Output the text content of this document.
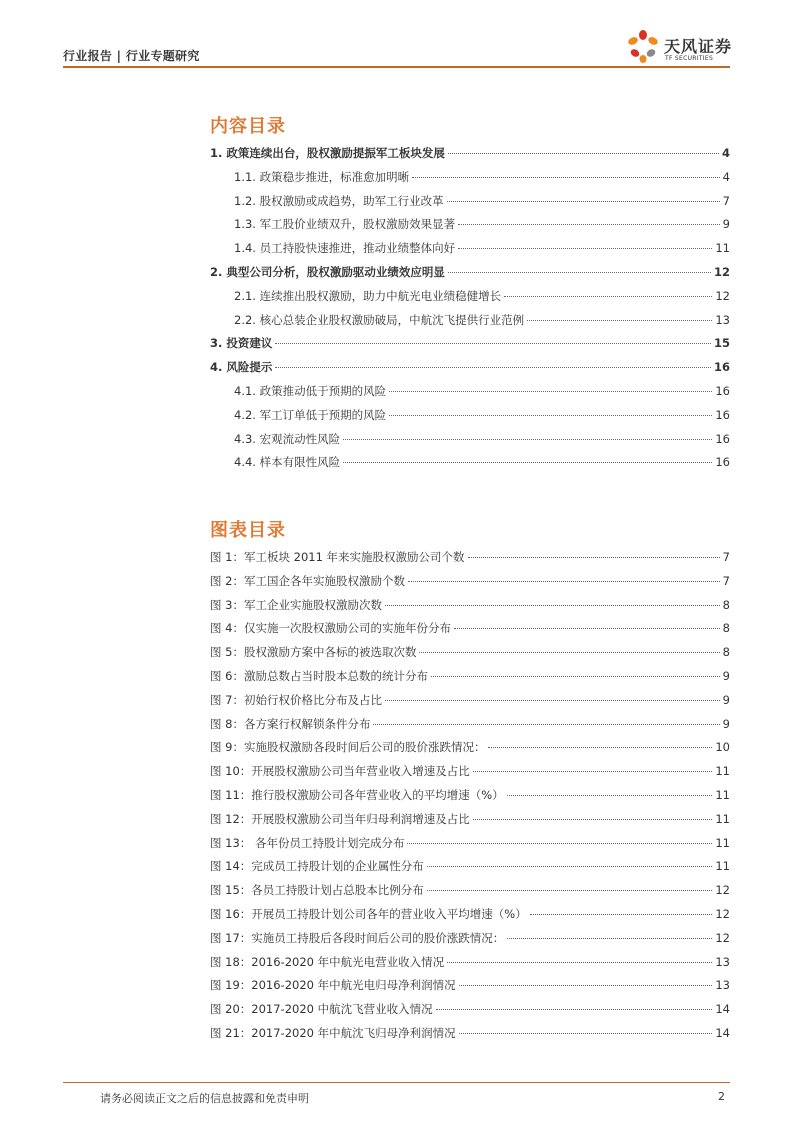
行业报告 | 行业专题研究	天风证券
TF SECURITIES
内容目录
1. 政策连续出台，股权激励提振军工板块发展	4
1.1. 政策稳步推进，标准愈加明晰	4
1.2. 股权激励或成趋势，助军工行业改革	7
1.3. 军工股价业绩双升，股权激励效果显著	9
1.4. 员工持股快速推进，推动业绩整体向好	11
2. 典型公司分析，股权激励驱动业绩效应明显	12
2.1. 连续推出股权激励，助力中航光电业绩稳健增长	12
2.2. 核心总装企业股权激励破局，中航沈飞提供行业范例	13
3. 投资建议	15
4. 风险提示	16
4.1. 政策推动低于预期的风险	16
4.2. 军工订单低于预期的风险	16
4.3. 宏观流动性风险	16
4.4. 样本有限性风险	16
图表目录
图 1：军工板块 2011 年来实施股权激励公司个数	7
图 2：军工国企各年实施股权激励个数	7
图 3：军工企业实施股权激励次数	8
图 4：仅实施一次股权激励公司的实施年份分布	8
图 5：股权激励方案中各标的被选取次数	8
图 6：激励总数占当时股本总数的统计分布	9
图 7：初始行权价格比分布及占比	9
图 8：各方案行权解锁条件分布	9
图 9：实施股权激励各段时间后公司的股价涨跌情况：	10
图 10：开展股权激励公司当年营业收入增速及占比	11
图 11：推行股权激励公司各年营业收入的平均增速（%）	11
图 12：开展股权激励公司当年归母利润增速及占比	11
图 13： 各年份员工持股计划完成分布	11
图 14：完成员工持股计划的企业属性分布	11
图 15：各员工持股计划占总股本比例分布	12
图 16：开展员工持股计划公司各年的营业收入平均增速（%）	12
图 17：实施员工持股后各段时间后公司的股价涨跌情况：	12
图 18：2016-2020 年中航光电营业收入情况	13
图 19：2016-2020 年中航光电归母净利润情况	13
图 20：2017-2020 中航沈飞营业收入情况	14
图 21：2017-2020 年中航沈飞归母净利润情况	14
请务必阅读正文之后的信息披露和免责申明	2
